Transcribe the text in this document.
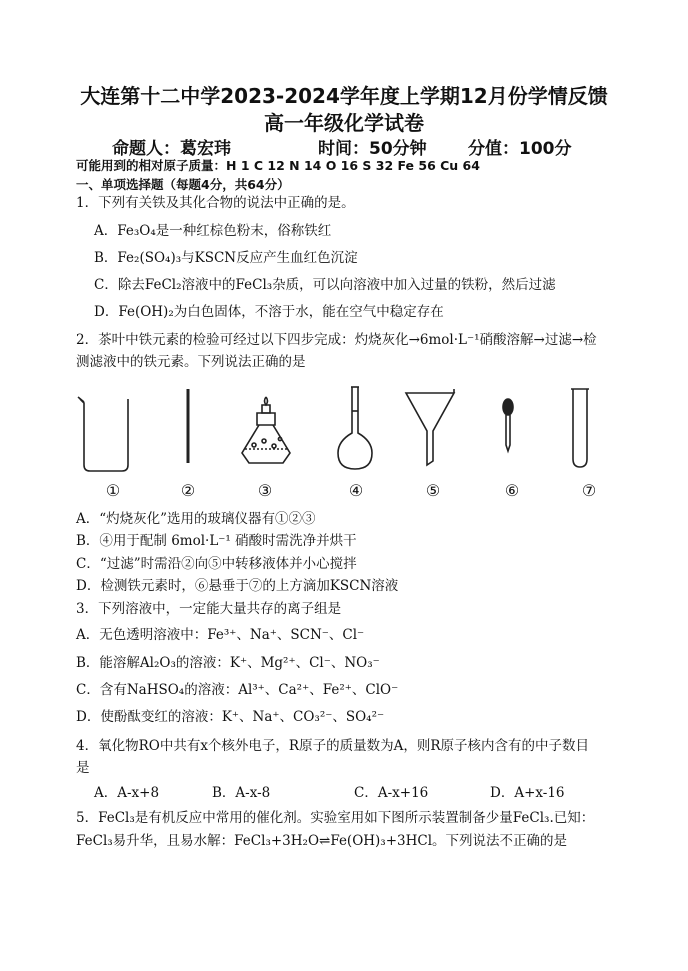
大连第十二中学2023-2024学年度上学期12月份学情反馈
高一年级化学试卷
命题人：葛宏玮	时间：50分钟 分值：100分
可能用到的相对原子质量：H 1 C 12 N 14 O 16 S 32 Fe 56 Cu 64
一、单项选择题（每题4分，共64分）
1．下列有关铁及其化合物的说法中正确的是。
A．Fe₃O₄是一种红棕色粉末，俗称铁红
B．Fe₂(SO₄)₃与KSCN反应产生血红色沉淀
C．除去FeCl₂溶液中的FeCl₃杂质，可以向溶液中加入过量的铁粉，然后过滤
D．Fe(OH)₂为白色固体，不溶于水，能在空气中稳定存在
2．茶叶中铁元素的检验可经过以下四步完成：灼烧灰化→6mol·L⁻¹硝酸溶解→过滤→检
测滤液中的铁元素。下列说法正确的是
①	②	③	④	⑤	⑥	⑦
A．“灼烧灰化”选用的玻璃仪器有①②③
B．④用于配制 6mol·L⁻¹ 硝酸时需洗净并烘干
C．“过滤”时需沿②向⑤中转移液体并小心搅拌
D．检测铁元素时，⑥悬垂于⑦的上方滴加KSCN溶液
3．下列溶液中，一定能大量共存的离子组是
A．无色透明溶液中：Fe³⁺、Na⁺、SCN⁻、Cl⁻
B．能溶解Al₂O₃的溶液：K⁺、Mg²⁺、Cl⁻、NO₃⁻
C．含有NaHSO₄的溶液：Al³⁺、Ca²⁺、Fe²⁺、ClO⁻
D．使酚酞变红的溶液：K⁺、Na⁺、CO₃²⁻、SO₄²⁻
4．氧化物RO中共有x个核外电子，R原子的质量数为A，则R原子核内含有的中子数目
是
A．A-x+8	B．A-x-8	C．A-x+16	D．A+x-16
5．FeCl₃是有机反应中常用的催化剂。实验室用如下图所示装置制备少量FeCl₃.已知：
FeCl₃易升华，且易水解：FeCl₃+3H₂O⇌Fe(OH)₃+3HCl。下列说法不正确的是
